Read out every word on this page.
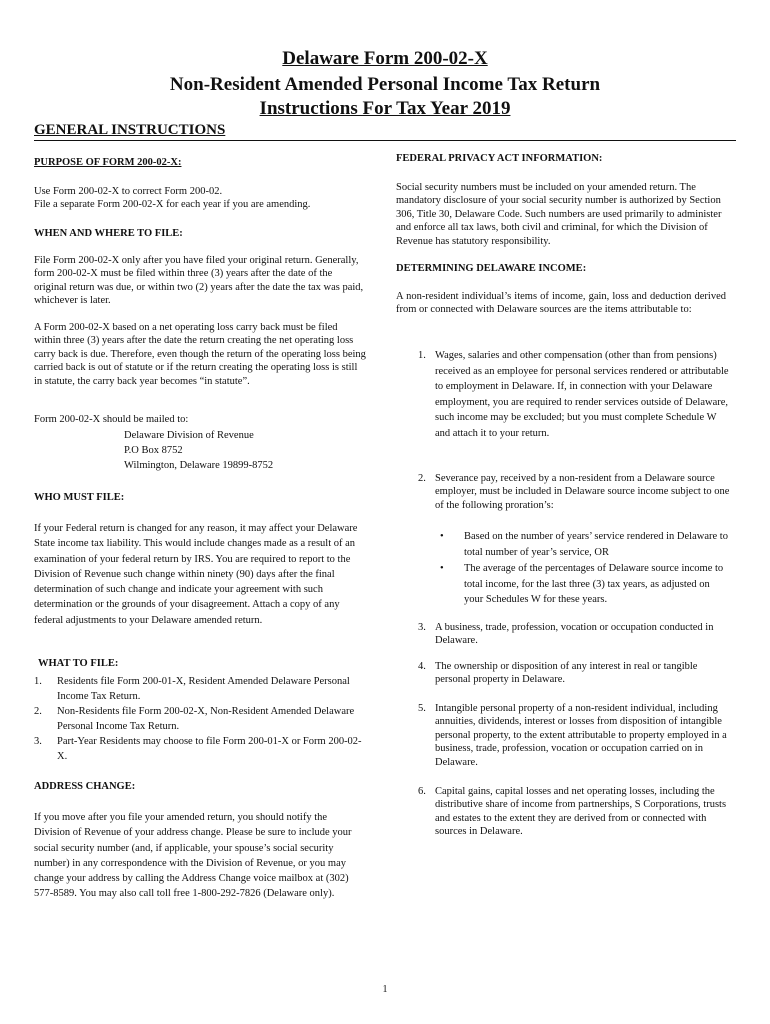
Delaware Form 200-02-X
Non-Resident Amended Personal Income Tax Return
Instructions For Tax Year 2019
GENERAL INSTRUCTIONS
PURPOSE OF FORM 200-02-X:
Use Form 200-02-X to correct Form 200-02.
File a separate Form 200-02-X for each year if you are amending.
WHEN AND WHERE TO FILE:
File Form 200-02-X only after you have filed your original return. Generally, form 200-02-X must be filed within three (3) years after the date of the original return was due, or within two (2) years after the date the tax was paid, whichever is later.
A Form 200-02-X based on a net operating loss carry back must be filed within three (3) years after the date the return creating the net operating loss carry back is due. Therefore, even though the return of the operating loss being carried back is out of statute or if the return creating the operating loss is still in statute, the carry back year becomes “in statute”.
Form 200-02-X should be mailed to:
Delaware Division of Revenue
P.O Box 8752
Wilmington, Delaware 19899-8752
WHO MUST FILE:
If your Federal return is changed for any reason, it may affect your Delaware State income tax liability. This would include changes made as a result of an examination of your federal return by IRS. You are required to report to the Division of Revenue such change within ninety (90) days after the final determination of such change and indicate your agreement with such determination or the grounds of your disagreement. Attach a copy of any federal adjustments to your Delaware amended return.
WHAT TO FILE:
1. Residents file Form 200-01-X, Resident Amended Delaware Personal Income Tax Return.
2. Non-Residents file Form 200-02-X, Non-Resident Amended Delaware Personal Income Tax Return.
3. Part-Year Residents may choose to file Form 200-01-X or Form 200-02-X.
ADDRESS CHANGE:
If you move after you file your amended return, you should notify the Division of Revenue of your address change. Please be sure to include your social security number (and, if applicable, your spouse’s social security number) in any correspondence with the Division of Revenue, or you may change your address by calling the Address Change voice mailbox at (302) 577-8589. You may also call toll free 1-800-292-7826 (Delaware only).
FEDERAL PRIVACY ACT INFORMATION:
Social security numbers must be included on your amended return. The mandatory disclosure of your social security number is authorized by Section 306, Title 30, Delaware Code. Such numbers are used primarily to administer and enforce all tax laws, both civil and criminal, for which the Division of Revenue has statutory responsibility.
DETERMINING DELAWARE INCOME:
A non-resident individual’s items of income, gain, loss and deduction derived from or connected with Delaware sources are the items attributable to:
1. Wages, salaries and other compensation (other than from pensions) received as an employee for personal services rendered or attributable to employment in Delaware. If, in connection with your Delaware employment, you are required to render services outside of Delaware, such income may be excluded; but you must complete Schedule W and attach it to your return.
2. Severance pay, received by a non-resident from a Delaware source employer, must be included in Delaware source income subject to one of the following proration’s:
• Based on the number of years’ service rendered in Delaware to total number of year’s service, OR
• The average of the percentages of Delaware source income to total income, for the last three (3) tax years, as adjusted on your Schedules W for these years.
3. A business, trade, profession, vocation or occupation conducted in Delaware.
4. The ownership or disposition of any interest in real or tangible personal property in Delaware.
5. Intangible personal property of a non-resident individual, including annuities, dividends, interest or losses from disposition of intangible personal property, to the extent attributable to property employed in a business, trade, profession, vocation or occupation carried on in Delaware.
6. Capital gains, capital losses and net operating losses, including the distributive share of income from partnerships, S Corporations, trusts and estates to the extent they are derived from or connected with sources in Delaware.
1
